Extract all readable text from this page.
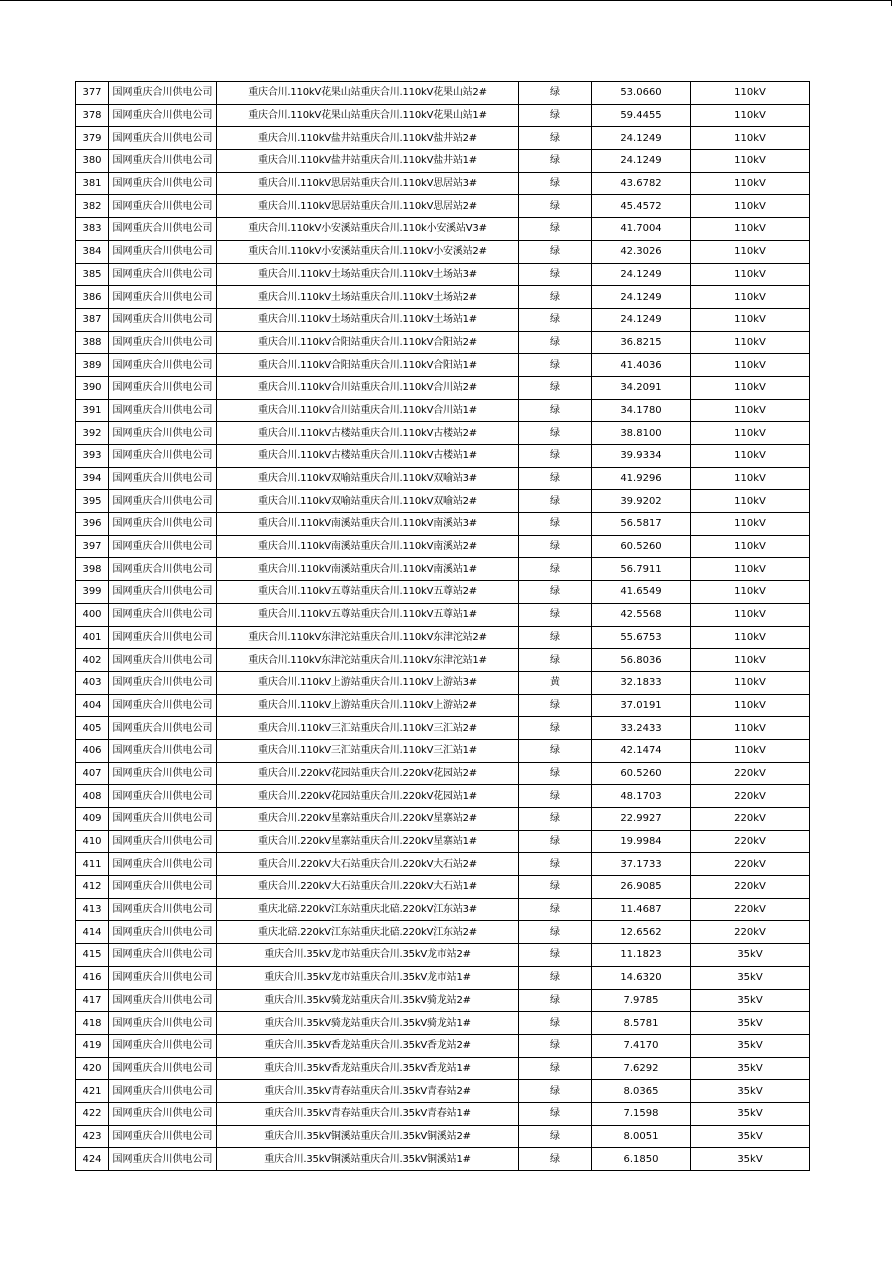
377	国网重庆合川供电公司	重庆合川.110kV花果山站重庆合川.110kV花果山站2#	绿	53.0660	110kV
378	国网重庆合川供电公司	重庆合川.110kV花果山站重庆合川.110kV花果山站1#	绿	59.4455	110kV
379	国网重庆合川供电公司	重庆合川.110kV盐井站重庆合川.110kV盐井站2#	绿	24.1249	110kV
380	国网重庆合川供电公司	重庆合川.110kV盐井站重庆合川.110kV盐井站1#	绿	24.1249	110kV
381	国网重庆合川供电公司	重庆合川.110kV思居站重庆合川.110kV思居站3#	绿	43.6782	110kV
382	国网重庆合川供电公司	重庆合川.110kV思居站重庆合川.110kV思居站2#	绿	45.4572	110kV
383	国网重庆合川供电公司	重庆合川.110kV小安溪站重庆合川.110k小安溪站V3#	绿	41.7004	110kV
384	国网重庆合川供电公司	重庆合川.110kV小安溪站重庆合川.110kV小安溪站2#	绿	42.3026	110kV
385	国网重庆合川供电公司	重庆合川.110kV土场站重庆合川.110kV土场站3#	绿	24.1249	110kV
386	国网重庆合川供电公司	重庆合川.110kV土场站重庆合川.110kV土场站2#	绿	24.1249	110kV
387	国网重庆合川供电公司	重庆合川.110kV土场站重庆合川.110kV土场站1#	绿	24.1249	110kV
388	国网重庆合川供电公司	重庆合川.110kV合阳站重庆合川.110kV合阳站2#	绿	36.8215	110kV
389	国网重庆合川供电公司	重庆合川.110kV合阳站重庆合川.110kV合阳站1#	绿	41.4036	110kV
390	国网重庆合川供电公司	重庆合川.110kV合川站重庆合川.110kV合川站2#	绿	34.2091	110kV
391	国网重庆合川供电公司	重庆合川.110kV合川站重庆合川.110kV合川站1#	绿	34.1780	110kV
392	国网重庆合川供电公司	重庆合川.110kV古楼站重庆合川.110kV古楼站2#	绿	38.8100	110kV
393	国网重庆合川供电公司	重庆合川.110kV古楼站重庆合川.110kV古楼站1#	绿	39.9334	110kV
394	国网重庆合川供电公司	重庆合川.110kV双喻站重庆合川.110kV双喻站3#	绿	41.9296	110kV
395	国网重庆合川供电公司	重庆合川.110kV双喻站重庆合川.110kV双喻站2#	绿	39.9202	110kV
396	国网重庆合川供电公司	重庆合川.110kV南溪站重庆合川.110kV南溪站3#	绿	56.5817	110kV
397	国网重庆合川供电公司	重庆合川.110kV南溪站重庆合川.110kV南溪站2#	绿	60.5260	110kV
398	国网重庆合川供电公司	重庆合川.110kV南溪站重庆合川.110kV南溪站1#	绿	56.7911	110kV
399	国网重庆合川供电公司	重庆合川.110kV五尊站重庆合川.110kV五尊站2#	绿	41.6549	110kV
400	国网重庆合川供电公司	重庆合川.110kV五尊站重庆合川.110kV五尊站1#	绿	42.5568	110kV
401	国网重庆合川供电公司	重庆合川.110kV东津沱站重庆合川.110kV东津沱站2#	绿	55.6753	110kV
402	国网重庆合川供电公司	重庆合川.110kV东津沱站重庆合川.110kV东津沱站1#	绿	56.8036	110kV
403	国网重庆合川供电公司	重庆合川.110kV上游站重庆合川.110kV上游站3#	黄	32.1833	110kV
404	国网重庆合川供电公司	重庆合川.110kV上游站重庆合川.110kV上游站2#	绿	37.0191	110kV
405	国网重庆合川供电公司	重庆合川.110kV三汇站重庆合川.110kV三汇站2#	绿	33.2433	110kV
406	国网重庆合川供电公司	重庆合川.110kV三汇站重庆合川.110kV三汇站1#	绿	42.1474	110kV
407	国网重庆合川供电公司	重庆合川.220kV花园站重庆合川.220kV花园站2#	绿	60.5260	220kV
408	国网重庆合川供电公司	重庆合川.220kV花园站重庆合川.220kV花园站1#	绿	48.1703	220kV
409	国网重庆合川供电公司	重庆合川.220kV星寨站重庆合川.220kV星寨站2#	绿	22.9927	220kV
410	国网重庆合川供电公司	重庆合川.220kV星寨站重庆合川.220kV星寨站1#	绿	19.9984	220kV
411	国网重庆合川供电公司	重庆合川.220kV大石站重庆合川.220kV大石站2#	绿	37.1733	220kV
412	国网重庆合川供电公司	重庆合川.220kV大石站重庆合川.220kV大石站1#	绿	26.9085	220kV
413	国网重庆合川供电公司	重庆北碚.220kV江东站重庆北碚.220kV江东站3#	绿	11.4687	220kV
414	国网重庆合川供电公司	重庆北碚.220kV江东站重庆北碚.220kV江东站2#	绿	12.6562	220kV
415	国网重庆合川供电公司	重庆合川.35kV龙市站重庆合川.35kV龙市站2#	绿	11.1823	35kV
416	国网重庆合川供电公司	重庆合川.35kV龙市站重庆合川.35kV龙市站1#	绿	14.6320	35kV
417	国网重庆合川供电公司	重庆合川.35kV骑龙站重庆合川.35kV骑龙站2#	绿	7.9785	35kV
418	国网重庆合川供电公司	重庆合川.35kV骑龙站重庆合川.35kV骑龙站1#	绿	8.5781	35kV
419	国网重庆合川供电公司	重庆合川.35kV香龙站重庆合川.35kV香龙站2#	绿	7.4170	35kV
420	国网重庆合川供电公司	重庆合川.35kV香龙站重庆合川.35kV香龙站1#	绿	7.6292	35kV
421	国网重庆合川供电公司	重庆合川.35kV青春站重庆合川.35kV青春站2#	绿	8.0365	35kV
422	国网重庆合川供电公司	重庆合川.35kV青春站重庆合川.35kV青春站1#	绿	7.1598	35kV
423	国网重庆合川供电公司	重庆合川.35kV铜溪站重庆合川.35kV铜溪站2#	绿	8.0051	35kV
424	国网重庆合川供电公司	重庆合川.35kV铜溪站重庆合川.35kV铜溪站1#	绿	6.1850	35kV
